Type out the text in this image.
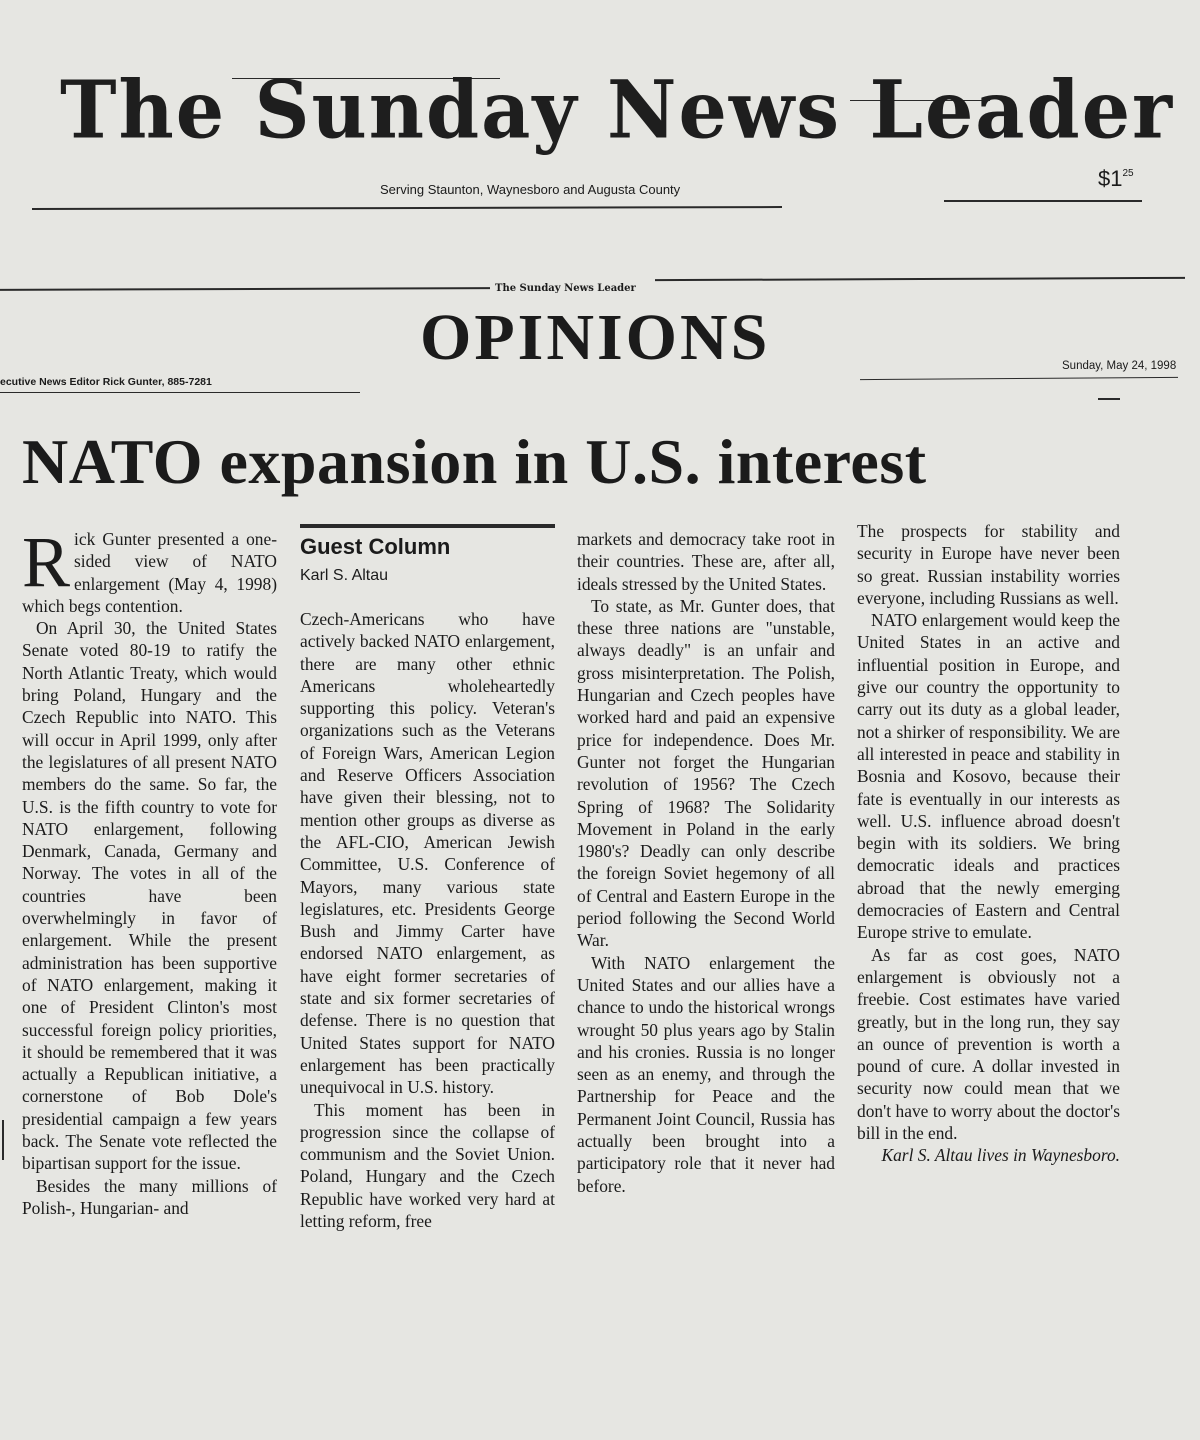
The Sunday News Leader
Serving Staunton, Waynesboro and Augusta County	$\$1^{25}$
The Sunday News Leader
OPINIONS
ecutive News Editor Rick Gunter, 885-7281
Sunday, May 24, 1998
NATO expansion in U.S. interest

Rick Gunter presented a one-sided view of NATO enlargement (May 4, 1998) which begs contention.

On April 30, the United States Senate voted 80-19 to ratify the North Atlantic Treaty, which would bring Poland, Hungary and the Czech Republic into NATO. This will occur in April 1999, only after the legislatures of all present NATO members do the same. So far, the U.S. is the fifth country to vote for NATO enlargement, following Denmark, Canada, Germany and Norway. The votes in all of the countries have been overwhelmingly in favor of enlargement. While the present administration has been supportive of NATO enlargement, making it one of President Clinton's most successful foreign policy priorities, it should be remembered that it was actually a Republican initiative, a cornerstone of Bob Dole's presidential campaign a few years back. The Senate vote reflected the bipartisan support for the issue.

Besides the many millions of Polish-, Hungarian- and

Guest Column
Karl S. Altau

Czech-Americans who have actively backed NATO enlargement, there are many other ethnic Americans wholeheartedly supporting this policy. Veteran's organizations such as the Veterans of Foreign Wars, American Legion and Reserve Officers Association have given their blessing, not to mention other groups as diverse as the AFL-CIO, American Jewish Committee, U.S. Conference of Mayors, many various state legislatures, etc. Presidents George Bush and Jimmy Carter have endorsed NATO enlargement, as have eight former secretaries of state and six former secretaries of defense. There is no question that United States support for NATO enlargement has been practically unequivocal in U.S. history.

This moment has been in progression since the collapse of communism and the Soviet Union. Poland, Hungary and the Czech Republic have worked very hard at letting reform, free

markets and democracy take root in their countries. These are, after all, ideals stressed by the United States.

To state, as Mr. Gunter does, that these three nations are "unstable, always deadly" is an unfair and gross misinterpretation. The Polish, Hungarian and Czech peoples have worked hard and paid an expensive price for independence. Does Mr. Gunter not forget the Hungarian revolution of 1956? The Czech Spring of 1968? The Solidarity Movement in Poland in the early 1980's? Deadly can only describe the foreign Soviet hegemony of all of Central and Eastern Europe in the period following the Second World War.

With NATO enlargement the United States and our allies have a chance to undo the historical wrongs wrought 50 plus years ago by Stalin and his cronies. Russia is no longer seen as an enemy, and through the Partnership for Peace and the Permanent Joint Council, Russia has actually been brought into a participatory role that it never had before.

The prospects for stability and security in Europe have never been so great. Russian instability worries everyone, including Russians as well.

NATO enlargement would keep the United States in an active and influential position in Europe, and give our country the opportunity to carry out its duty as a global leader, not a shirker of responsibility. We are all interested in peace and stability in Bosnia and Kosovo, because their fate is eventually in our interests as well. U.S. influence abroad doesn't begin with its soldiers. We bring democratic ideals and practices abroad that the newly emerging democracies of Eastern and Central Europe strive to emulate.

As far as cost goes, NATO enlargement is obviously not a freebie. Cost estimates have varied greatly, but in the long run, they say an ounce of prevention is worth a pound of cure. A dollar invested in security now could mean that we don't have to worry about the doctor's bill in the end.

Karl S. Altau lives in Waynesboro.
